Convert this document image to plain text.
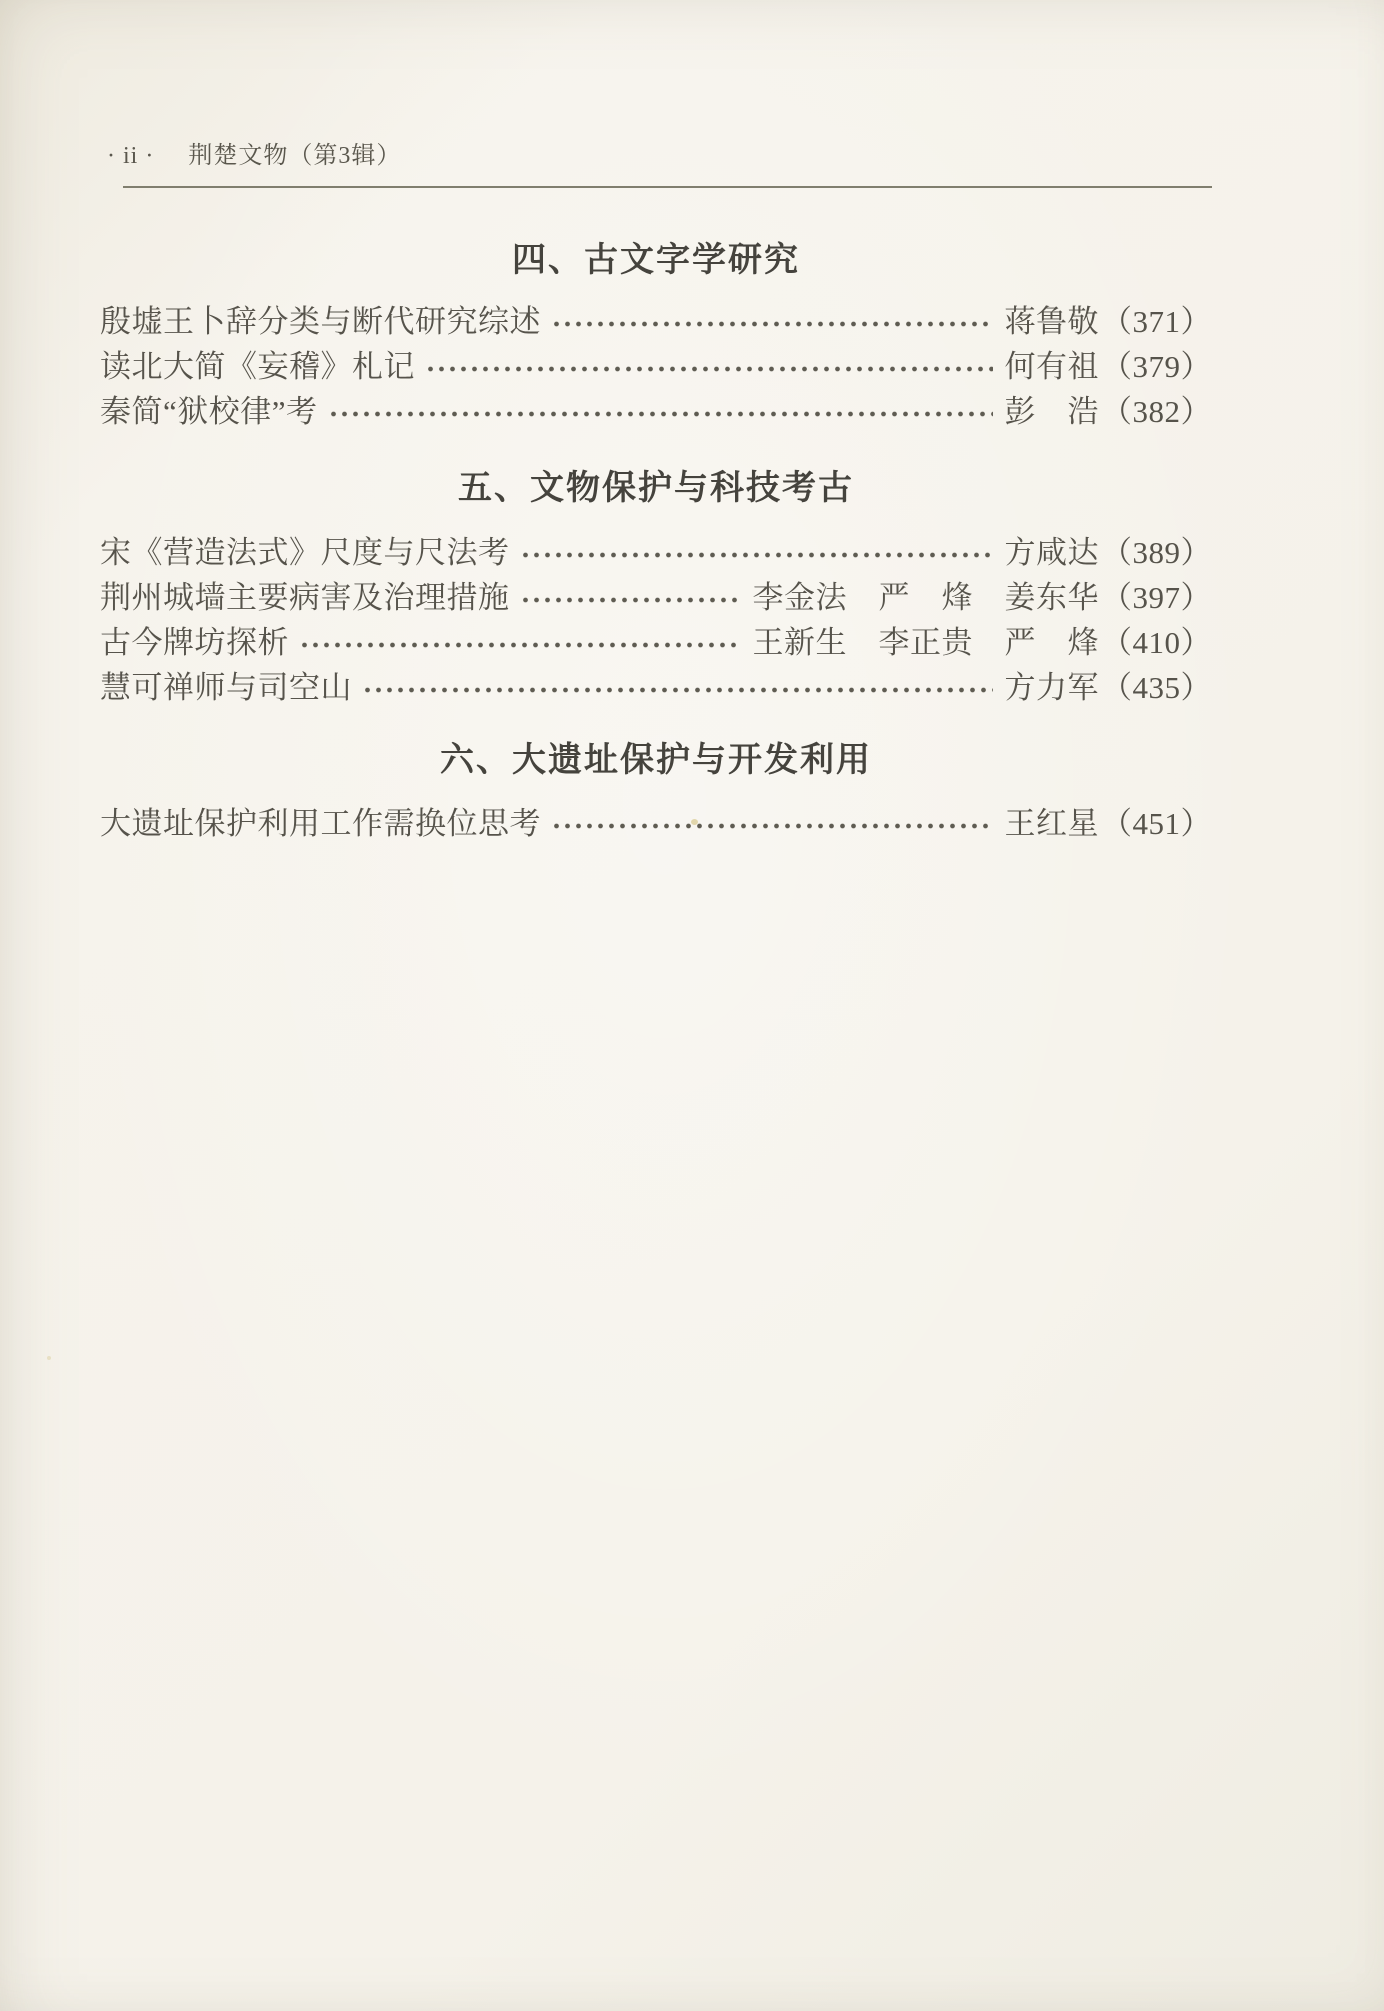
· ii · 荆楚文物（第3辑）
四、古文字学研究
殷墟王卜辞分类与断代研究综述	蒋鲁敬（371）
读北大简《妄稽》札记	何有祖（379）
秦简“狱校律”考	彭　浩（382）
五、文物保护与科技考古
宋《营造法式》尺度与尺法考	方咸达（389）
荆州城墙主要病害及治理措施	李金法　严　烽　姜东华（397）
古今牌坊探析	王新生　李正贵　严　烽（410）
慧可禅师与司空山	方力军（435）
六、大遗址保护与开发利用
大遗址保护利用工作需换位思考	王红星（451）
